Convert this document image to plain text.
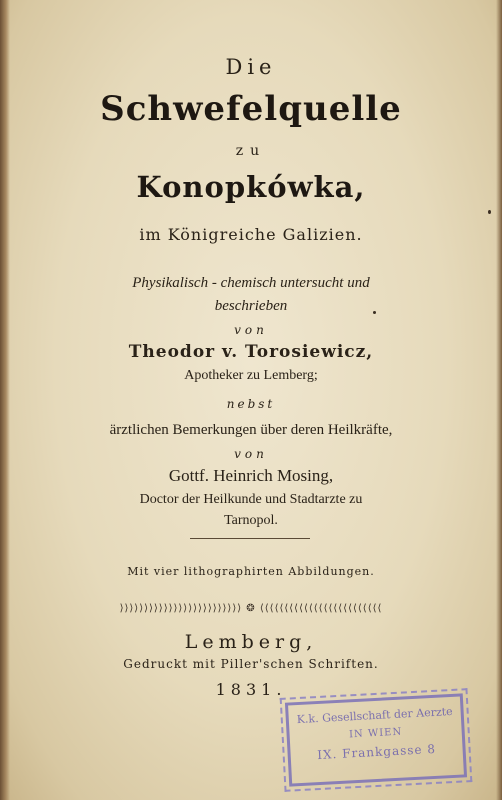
Die
Schwefelquelle
zu
Konopkówka,
im Königreiche Galizien.
Physikalisch - chemisch untersucht und
beschrieben
von
Theodor v. Torosiewicz,
Apotheker zu Lemberg;
nebst
ärztlichen Bemerkungen über deren Heilkräfte,
von
Gottf. Heinrich Mosing,
Doctor der Heilkunde und Stadtarzte zu
Tarnopol.
Mit vier lithographirten Abbildungen.
⟩⟩⟩⟩⟩⟩⟩⟩⟩⟩⟩⟩⟩⟩⟩⟩⟩⟩⟩⟩⟩⟩⟩⟩⟩ ❂ ⟨⟨⟨⟨⟨⟨⟨⟨⟨⟨⟨⟨⟨⟨⟨⟨⟨⟨⟨⟨⟨⟨⟨⟨⟨
Lemberg,
Gedruckt mit Piller'schen Schriften.
1831.
K.k. Gesellschaft der Aerzte
IN WIEN
IX. Frankgasse 8
